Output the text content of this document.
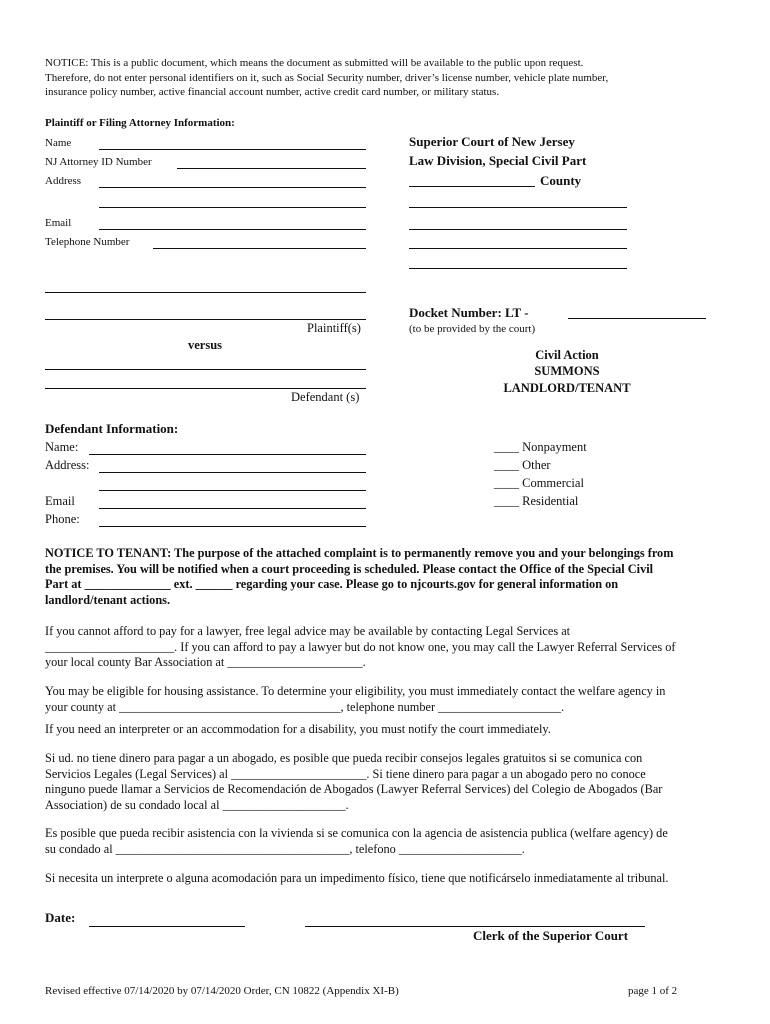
NOTICE: This is a public document, which means the document as submitted will be available to the public upon request.
Therefore, do not enter personal identifiers on it, such as Social Security number, driver’s license number, vehicle plate number,
insurance policy number, active financial account number, active credit card number, or military status.
Plaintiff or Filing Attorney Information:
Name
NJ Attorney ID Number
Address
Email
Telephone Number
Plaintiff(s)
versus
Defendant (s)
Superior Court of New Jersey
Law Division, Special Civil Part
County
Docket Number: LT -
(to be provided by the court)
Civil Action
SUMMONS
LANDLORD/TENANT
Defendant Information:
Name:
Address:
Email
Phone:
____ Nonpayment
____ Other
____ Commercial
____ Residential
NOTICE TO TENANT: The purpose of the attached complaint is to permanently remove you and your belongings from
the premises. You will be notified when a court proceeding is scheduled. Please contact the Office of the Special Civil
Part at ______________ ext. ______ regarding your case. Please go to njcourts.gov for general information on
landlord/tenant actions.
If you cannot afford to pay for a lawyer, free legal advice may be available by contacting Legal Services at
_____________________. If you can afford to pay a lawyer but do not know one, you may call the Lawyer Referral Services of
your local county Bar Association at ______________________.
You may be eligible for housing assistance. To determine your eligibility, you must immediately contact the welfare agency in
your county at ____________________________________, telephone number ____________________.
If you need an interpreter or an accommodation for a disability, you must notify the court immediately.
Si ud. no tiene dinero para pagar a un abogado, es posible que pueda recibir consejos legales gratuitos si se comunica con
Servicios Legales (Legal Services) al ______________________. Si tiene dinero para pagar a un abogado pero no conoce
ninguno puede llamar a Servicios de Recomendación de Abogados (Lawyer Referral Services) del Colegio de Abogados (Bar
Association) de su condado local al ____________________.
Es posible que pueda recibir asistencia con la vivienda si se comunica con la agencia de asistencia publica (welfare agency) de
su condado al ______________________________________, telefono ____________________.
Si necesita un interprete o alguna acomodación para un impedimento físico, tiene que notificárselo inmediatamente al tribunal.
Date:
Clerk of the Superior Court
Revised effective 07/14/2020 by 07/14/2020 Order, CN 10822 (Appendix XI-B)	page 1 of 2
